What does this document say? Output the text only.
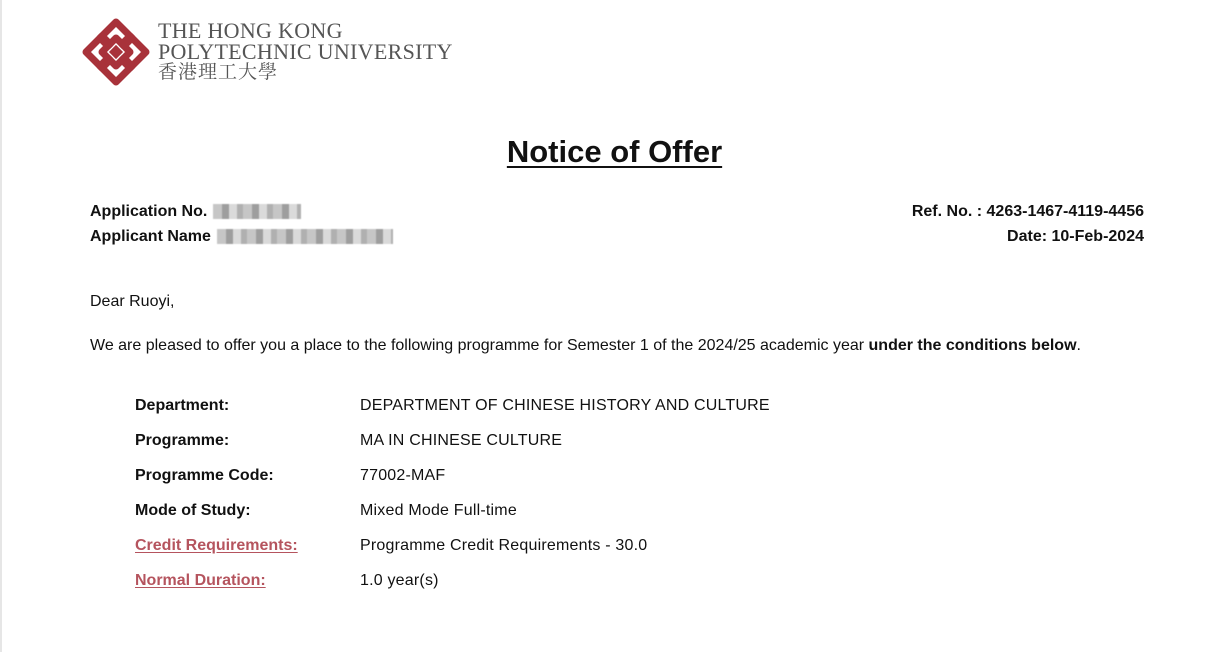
THE HONG KONG
POLYTECHNIC UNIVERSITY
香港理工大學
Notice of Offer
Application No.
Applicant Name
Ref. No. : 4263-1467-4119-4456
Date: 10-Feb-2024
Dear Ruoyi,
We are pleased to offer you a place to the following programme for Semester 1 of the 2024/25 academic year under the conditions below.
Department:	DEPARTMENT OF CHINESE HISTORY AND CULTURE
Programme:	MA IN CHINESE CULTURE
Programme Code:	77002-MAF
Mode of Study:	Mixed Mode Full-time
Credit Requirements:	Programme Credit Requirements - 30.0
Normal Duration:	1.0 year(s)
